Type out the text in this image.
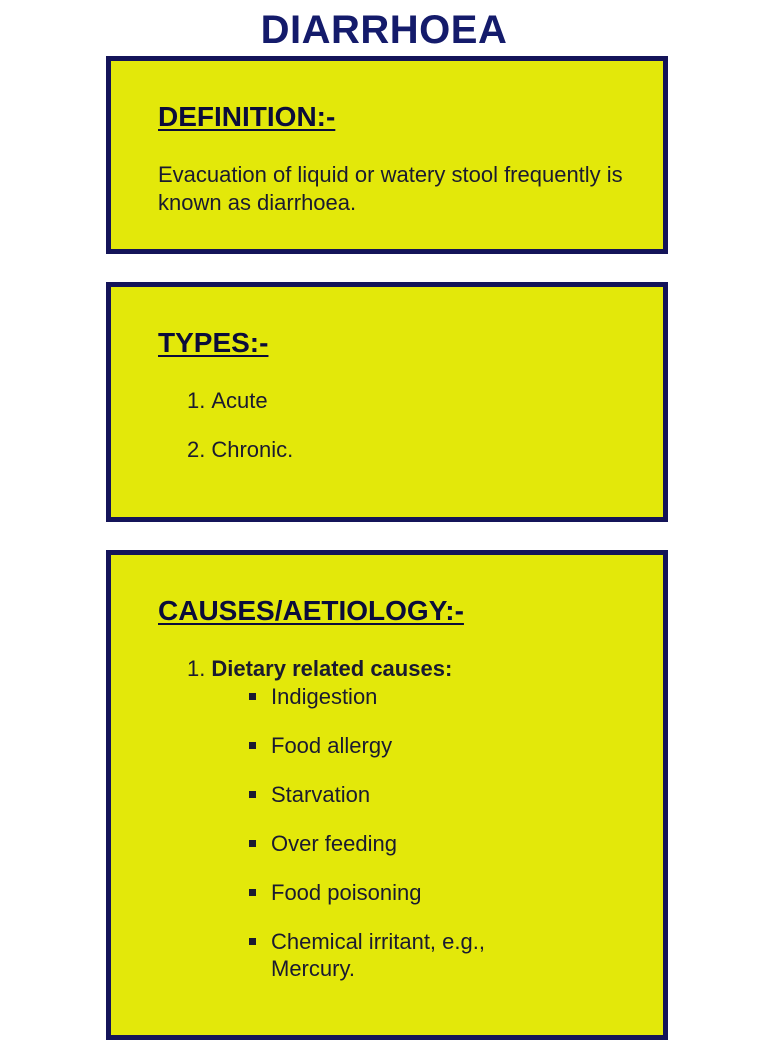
DIARRHOEA
DEFINITION:-
Evacuation of liquid or watery stool frequently is known as diarrhoea.
TYPES:-
1. Acute
2. Chronic.
CAUSES/AETIOLOGY:-
1. Dietary related causes:
Indigestion
Food allergy
Starvation
Over feeding
Food poisoning
Chemical irritant, e.g., Mercury.
